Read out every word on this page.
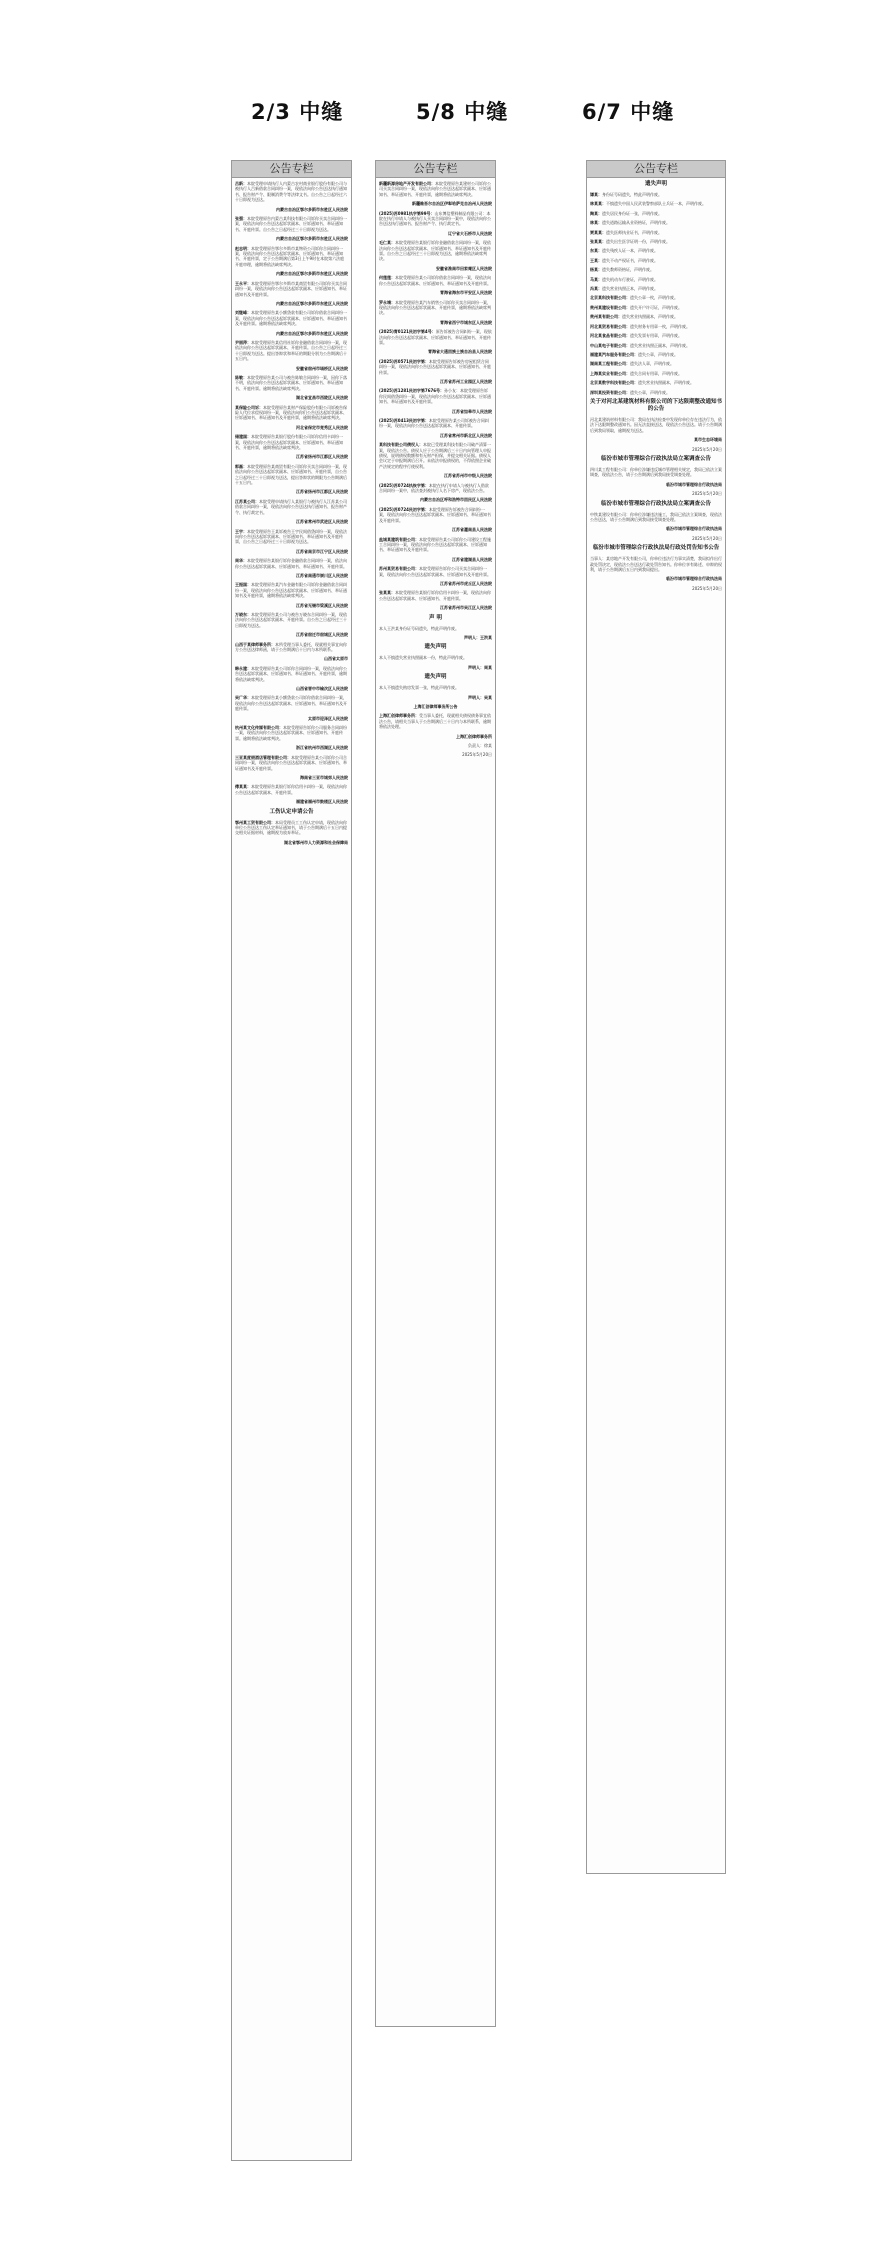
2/3 中缝	5/8 中缝	6/7 中缝
公告专栏
吕新：本院受理申请执行人内蒙古农村商业银行股份有限公司与被执行人吕新借款合同纠纷一案，现依法向你公告送达执行通知书、报告财产令、限制消费令等法律文书。自公告之日起经过六十日即视为送达。
内蒙古自治区鄂尔多斯市东胜区人民法院
张强：本院受理原告内蒙古某科技有限公司诉你买卖合同纠纷一案，现依法向你公告送达起诉状副本、应诉通知书、举证通知书、开庭传票。自公告之日起经过三十日即视为送达。
内蒙古自治区鄂尔多斯市东胜区人民法院
赵志明：本院受理原告鄂尔多斯市某物资公司诉你合同纠纷一案，现依法向你公告送达起诉状副本、应诉通知书、举证通知书、开庭传票，定于公告期满后第3日上午9时在本院第六法庭开庭审理，逾期将依法缺席判决。
内蒙古自治区鄂尔多斯市东胜区人民法院
王永平：本院受理原告鄂尔多斯市某商贸有限公司诉你买卖合同纠纷一案，现依法向你公告送达起诉状副本、应诉通知书、举证通知书及开庭传票。
内蒙古自治区鄂尔多斯市东胜区人民法院
刘继峰：本院受理原告某小额贷款有限公司诉你借款合同纠纷一案，现依法向你公告送达起诉状副本、应诉通知书、举证通知书及开庭传票。逾期将依法缺席判决。
内蒙古自治区鄂尔多斯市东胜区人民法院
尹丽萍：本院受理原告某信用社诉你金融借款合同纠纷一案，现依法向你公告送达起诉状副本、开庭传票。自公告之日起经过三十日即视为送达。提出答辩状和举证的期限分别为公告期满后十五日内。
安徽省宿州市埇桥区人民法院
陈敏：本院受理原告某公司与被告陈敏合同纠纷一案，因你下落不明，依法向你公告送达起诉状副本、应诉通知书、举证通知书、开庭传票。逾期将依法缺席判决。
湖北省宜昌市西陵区人民法院
某保险公司诉：本院受理原告某财产保险股份有限公司诉被告保险人代位求偿权纠纷一案，现依法向你们公告送达起诉状副本、应诉通知书、举证通知书及开庭传票，逾期将依法缺席判决。
河北省保定市竞秀区人民法院
储建国：本院受理原告某银行股份有限公司诉你信用卡纠纷一案，现依法向你公告送达起诉状副本、应诉通知书、举证通知书、开庭传票，逾期将依法缺席判决。
江苏省扬州市江都区人民法院
郭磊：本院受理原告某商贸有限公司诉你买卖合同纠纷一案，现依法向你公告送达起诉状副本、应诉通知书、开庭传票，自公告之日起经过三十日即视为送达，提出答辩状的期限为公告期满后十五日内。
江苏省扬州市江都区人民法院
江苏某公司：本院受理申请执行人某银行与被执行人江苏某公司借款合同纠纷一案，现依法向你公告送达执行通知书、报告财产令、执行裁定书。
江苏省常州市武进区人民法院
王宇：本院受理原告王某诉被告王宇民间借贷纠纷一案，现依法向你公告送达起诉状副本、应诉通知书、举证通知书及开庭传票，自公告之日起经过三十日即视为送达。
江苏省南京市江宁区人民法院
周华：本院受理原告某银行诉你金融借款合同纠纷一案，依法向你公告送达起诉状副本、应诉通知书、举证通知书、开庭传票。
江苏省南通市崇川区人民法院
王振国：本院受理原告某汽车金融有限公司诉你金融借款合同纠纷一案，现依法向你公告送达起诉状副本、应诉通知书、举证通知书及开庭传票，逾期将依法缺席判决。
江苏省无锡市梁溪区人民法院
万晓东：本院受理原告某公司与被告万晓东合同纠纷一案，现依法向你公告送达起诉状副本、开庭传票。自公告之日起经过三十日即视为送达。
江苏省宿迁市宿城区人民法院
山西于某律师事务所：本所受理当事人委托，现就相关事宜向你方公告送达律师函，请于公告期满后十日内与本所联系。
山西省太原市
韩永建：本院受理原告某公司诉你合同纠纷一案，现依法向你公告送达起诉状副本、应诉通知书、举证通知书、开庭传票，逾期将依法缺席判决。
山西省晋中市榆次区人民法院
吴广华：本院受理原告某小额贷款公司诉你借款合同纠纷一案，现依法向你公告送达起诉状副本、应诉通知书、举证通知书及开庭传票。
太原市迎泽区人民法院
杭州某文化传媒有限公司：本院受理原告诉你公司服务合同纠纷一案，现依法向你公告送达起诉状副本、应诉通知书、开庭传票。逾期将依法缺席判决。
浙江省杭州市西湖区人民法院
三亚某度假酒店管理有限公司：本院受理原告某公司诉你公司合同纠纷一案，现依法向你公告送达起诉状副本、应诉通知书、举证通知书及开庭传票。
海南省三亚市城郊人民法院
傅某某：本院受理原告某银行诉你信用卡纠纷一案，现依法向你公告送达起诉状副本、开庭传票。
福建省福州市鼓楼区人民法院
工伤认定申请公告
鄂州某工贸有限公司：本局受理员工工伤认定申请，现依法向你单位公告送达工伤认定举证通知书，请于公告期满后十五日内提交相关证据材料，逾期视为放弃举证。
湖北省鄂州市人力资源和社会保障局
公告专栏
新疆新源房地产开发有限公司：本院受理原告某建材公司诉你公司买卖合同纠纷一案，现依法向你公告送达起诉状副本、应诉通知书、举证通知书、开庭传票，逾期将依法缺席判决。
新疆维吾尔自治区伊犁哈萨克自治州人民法院
(2025)苏0981执字第99号：山东博信塑料制品有限公司：本院在执行申请人与被执行人买卖合同纠纷一案中，现依法向你公告送达执行通知书、报告财产令、执行裁定书。
辽宁省大石桥市人民法院
毛仁某：本院受理原告某银行诉你金融借款合同纠纷一案，现依法向你公告送达起诉状副本、应诉通知书、举证通知书及开庭传票。自公告之日起经过三十日即视为送达，逾期将依法缺席判决。
安徽省淮南市田家庵区人民法院
何莲莲：本院受理原告某公司诉你借款合同纠纷一案，现依法向你公告送达起诉状副本、应诉通知书、举证通知书及开庭传票。
青海省海东市平安区人民法院
罗永靖：本院受理原告某汽车销售公司诉你买卖合同纠纷一案，现依法向你公告送达起诉状副本、开庭传票，逾期将依法缺席判决。
青海省西宁市城东区人民法院
(2025)青0121民初字第4号：原告诉被告合同纠纷一案，现依法向你公告送达起诉状副本、应诉通知书、举证通知书、开庭传票。
青海省大通回族土族自治县人民法院
(2025)苏0571民初字第：本院受理原告诉被告房屋租赁合同纠纷一案，现依法向你公告送达起诉状副本、应诉通知书、开庭传票。
江苏省苏州工业园区人民法院
(2025)苏1281民初字第7676号：孙小友：本院受理原告诉你民间借贷纠纷一案，现依法向你公告送达起诉状副本、应诉通知书、举证通知书及开庭传票。
江苏省如皋市人民法院
(2025)苏0413民初字第：本院受理原告某公司诉被告合同纠纷一案，现依法向你公告送达起诉状副本、开庭传票。
江苏省常州市新北区人民法院
某科技有限公司债权人：本院已受理某科技有限公司破产清算一案，现依法公告。债权人应于公告期满后三十日内向管理人申报债权，说明债权数额和有无财产担保，并提交相关证据。债权人会议定于申报期满后召开。未依法申报债权的，不得依照企业破产法规定的程序行使权利。
江苏省苏州市中级人民法院
(2025)苏0724执恢字第：本院在执行申请人与被执行人借款合同纠纷一案中，依法查封被执行人名下房产，现依法公告。
内蒙古自治区呼和浩特市回民区人民法院
(2025)苏0724民初字第：本院受理原告诉被告合同纠纷一案，现依法向你公告送达起诉状副本、应诉通知书、举证通知书及开庭传票。
江苏省灌南县人民法院
盐城某建筑有限公司：本院受理原告某公司诉你公司建设工程施工合同纠纷一案，现依法向你公告送达起诉状副本、应诉通知书、举证通知书及开庭传票。
江苏省建湖县人民法院
苏州某贸易有限公司：本院受理原告诉你公司买卖合同纠纷一案，现依法向你公告送达起诉状副本、应诉通知书及开庭传票。
江苏省苏州市虎丘区人民法院
张某某：本院受理原告某银行诉你信用卡纠纷一案，现依法向你公告送达起诉状副本、应诉通知书、开庭传票。
江苏省苏州市吴江区人民法院
声 明
本人王洪某身份证号码遗失，特此声明作废。
声明人：王洪某
遗失声明
本人不慎遗失营业执照副本一份，特此声明作废。
声明人：周某
遗失声明
本人不慎遗失购房发票一张，特此声明作废。
声明人：吴某
上海汇创律师事务所公告
上海汇创律师事务所：受当事人委托，现就相关债权债务事宜依法公告，请相关当事人于公告期满后三十日内与本所联系，逾期将依法处理。
上海汇创律师事务所
负责人：徐某
2025年5月20日
公告专栏
遗失声明
谭某：身份证号码遗失，特此声明作废。
林某某：不慎遗失中国人民武装警察部队士兵证一本，声明作废。
陶某：遗失居民身份证一张，声明作废。
林某：遗失道路运输从业资格证，声明作废。
贾某某：遗失医师执业证书，声明作废。
张某某：遗失出生医学证明一份，声明作废。
东某：遗失残疾人证一本，声明作废。
王某：遗失不动产权证书，声明作废。
杨某：遗失教师资格证，声明作废。
马某：遗失机动车行驶证，声明作废。
冯某：遗失营业执照正本，声明作废。
北京某科技有限公司：遗失公章一枚，声明作废。
贵州某建设有限公司：遗失开户许可证，声明作废。
贵州某有限公司：遗失营业执照副本，声明作废。
河北某贸易有限公司：遗失财务专用章一枚，声明作废。
河北某食品有限公司：遗失发票专用章，声明作废。
中山某电子有限公司：遗失营业执照正副本，声明作废。
福建某汽车服务有限公司：遗失公章，声明作废。
湖南某工程有限公司：遗失法人章，声明作废。
上海某实业有限公司：遗失合同专用章，声明作废。
北京某数字科技有限公司：遗失营业执照副本，声明作废。
深圳某投资有限公司：遗失公章，声明作废。
关于对河北某建筑材料有限公司的下达限期整改通知书的公告
河北某建筑材料有限公司：我局在执法检查中发现你单位存在违法行为，依法下达限期整改通知书。因无法直接送达，现依法公告送达。请于公告期满后到我局领取，逾期视为送达。
某市生态环境局
2025年5月20日
临汾市城市管理综合行政执法局立案调查公告
四川某工程有限公司：你单位涉嫌违反城市管理相关规定，我局已依法立案调查，现依法公告，请于公告期满后到我局接受调查处理。
临汾市城市管理综合行政执法局
2025年5月20日
临汾市城市管理综合行政执法局立案调查公告
中铁某建设有限公司：你单位涉嫌违法施工，我局已依法立案调查，现依法公告送达，请于公告期满后到我局接受调查处理。
临汾市城市管理综合行政执法局
2025年5月20日
临汾市城市管理综合行政执法局行政处罚告知书公告
当事人：某房地产开发有限公司，你单位违法行为事实清楚，我局拟作出行政处罚决定，现依法公告送达行政处罚告知书。你单位享有陈述、申辩的权利，请于公告期满后五日内到我局提出。
临汾市城市管理综合行政执法局
2025年5月20日
